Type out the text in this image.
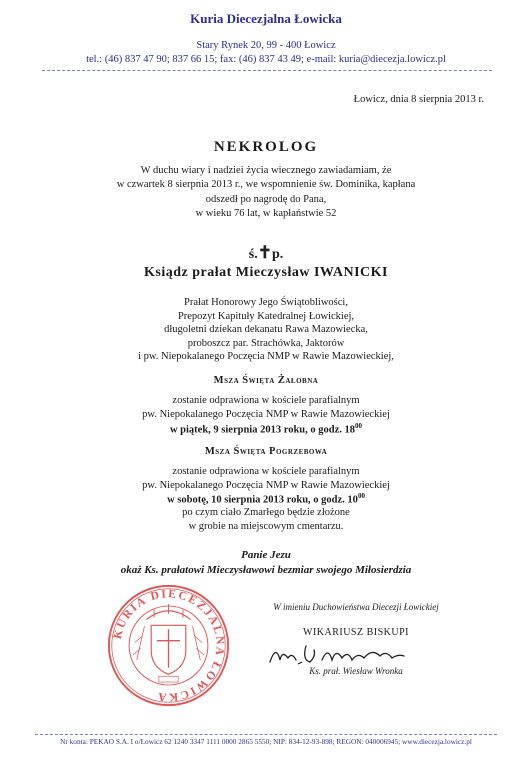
Kuria Diecezjalna Łowicka
Stary Rynek 20, 99 - 400 Łowicz
tel.: (46) 837 47 90; 837 66 15; fax: (46) 837 43 49; e-mail: kuria@diecezja.lowicz.pl
Łowicz, dnia 8 sierpnia 2013 r.
NEKROLOG
W duchu wiary i nadziei życia wiecznego zawiadamiam, że
w czwartek 8 sierpnia 2013 r., we wspomnienie św. Dominika, kapłana
odszedł po nagrodę do Pana,
w wieku 76 lat, w kapłaństwie 52
ś.✝p.
Ksiądz prałat Mieczysław IWANICKI
Prałat Honorowy Jego Świątobliwości,
Prepozyt Kapituły Katedralnej Łowickiej,
długoletni dziekan dekanatu Rawa Mazowiecka,
proboszcz par. Strachówka, Jaktorów
i pw. Niepokalanego Poczęcia NMP w Rawie Mazowieckiej,
Msza Święta Żałobna
zostanie odprawiona w kościele parafialnym
pw. Niepokalanego Poczęcia NMP w Rawie Mazowieckiej
w piątek, 9 sierpnia 2013 roku, o godz. $18^{00}$
Msza Święta Pogrzebowa
zostanie odprawiona w kościele parafialnym
pw. Niepokalanego Poczęcia NMP w Rawie Mazowieckiej
w sobotę, 10 sierpnia 2013 roku, o godz. $10^{00}$
po czym ciało Zmarłego będzie złożone
w grobie na miejscowym cmentarzu.
Panie Jezu
okaż Ks. prałatowi Mieczysławowi bezmiar swojego Miłosierdzia
KURIA DIECEZJALNA ŁOWICKA
W imieniu Duchowieństwa Diecezji Łowickiej
WIKARIUSZ BISKUPI
Ks. prał. Wiesław Wronka
Nr konta: PEKAO S.A. I o/Łowicz 62 1240 3347 1111 0000 2865 5550; NIP: 834-12-93-898; REGON: 040006945; www.diecezja.lowicz.pl
